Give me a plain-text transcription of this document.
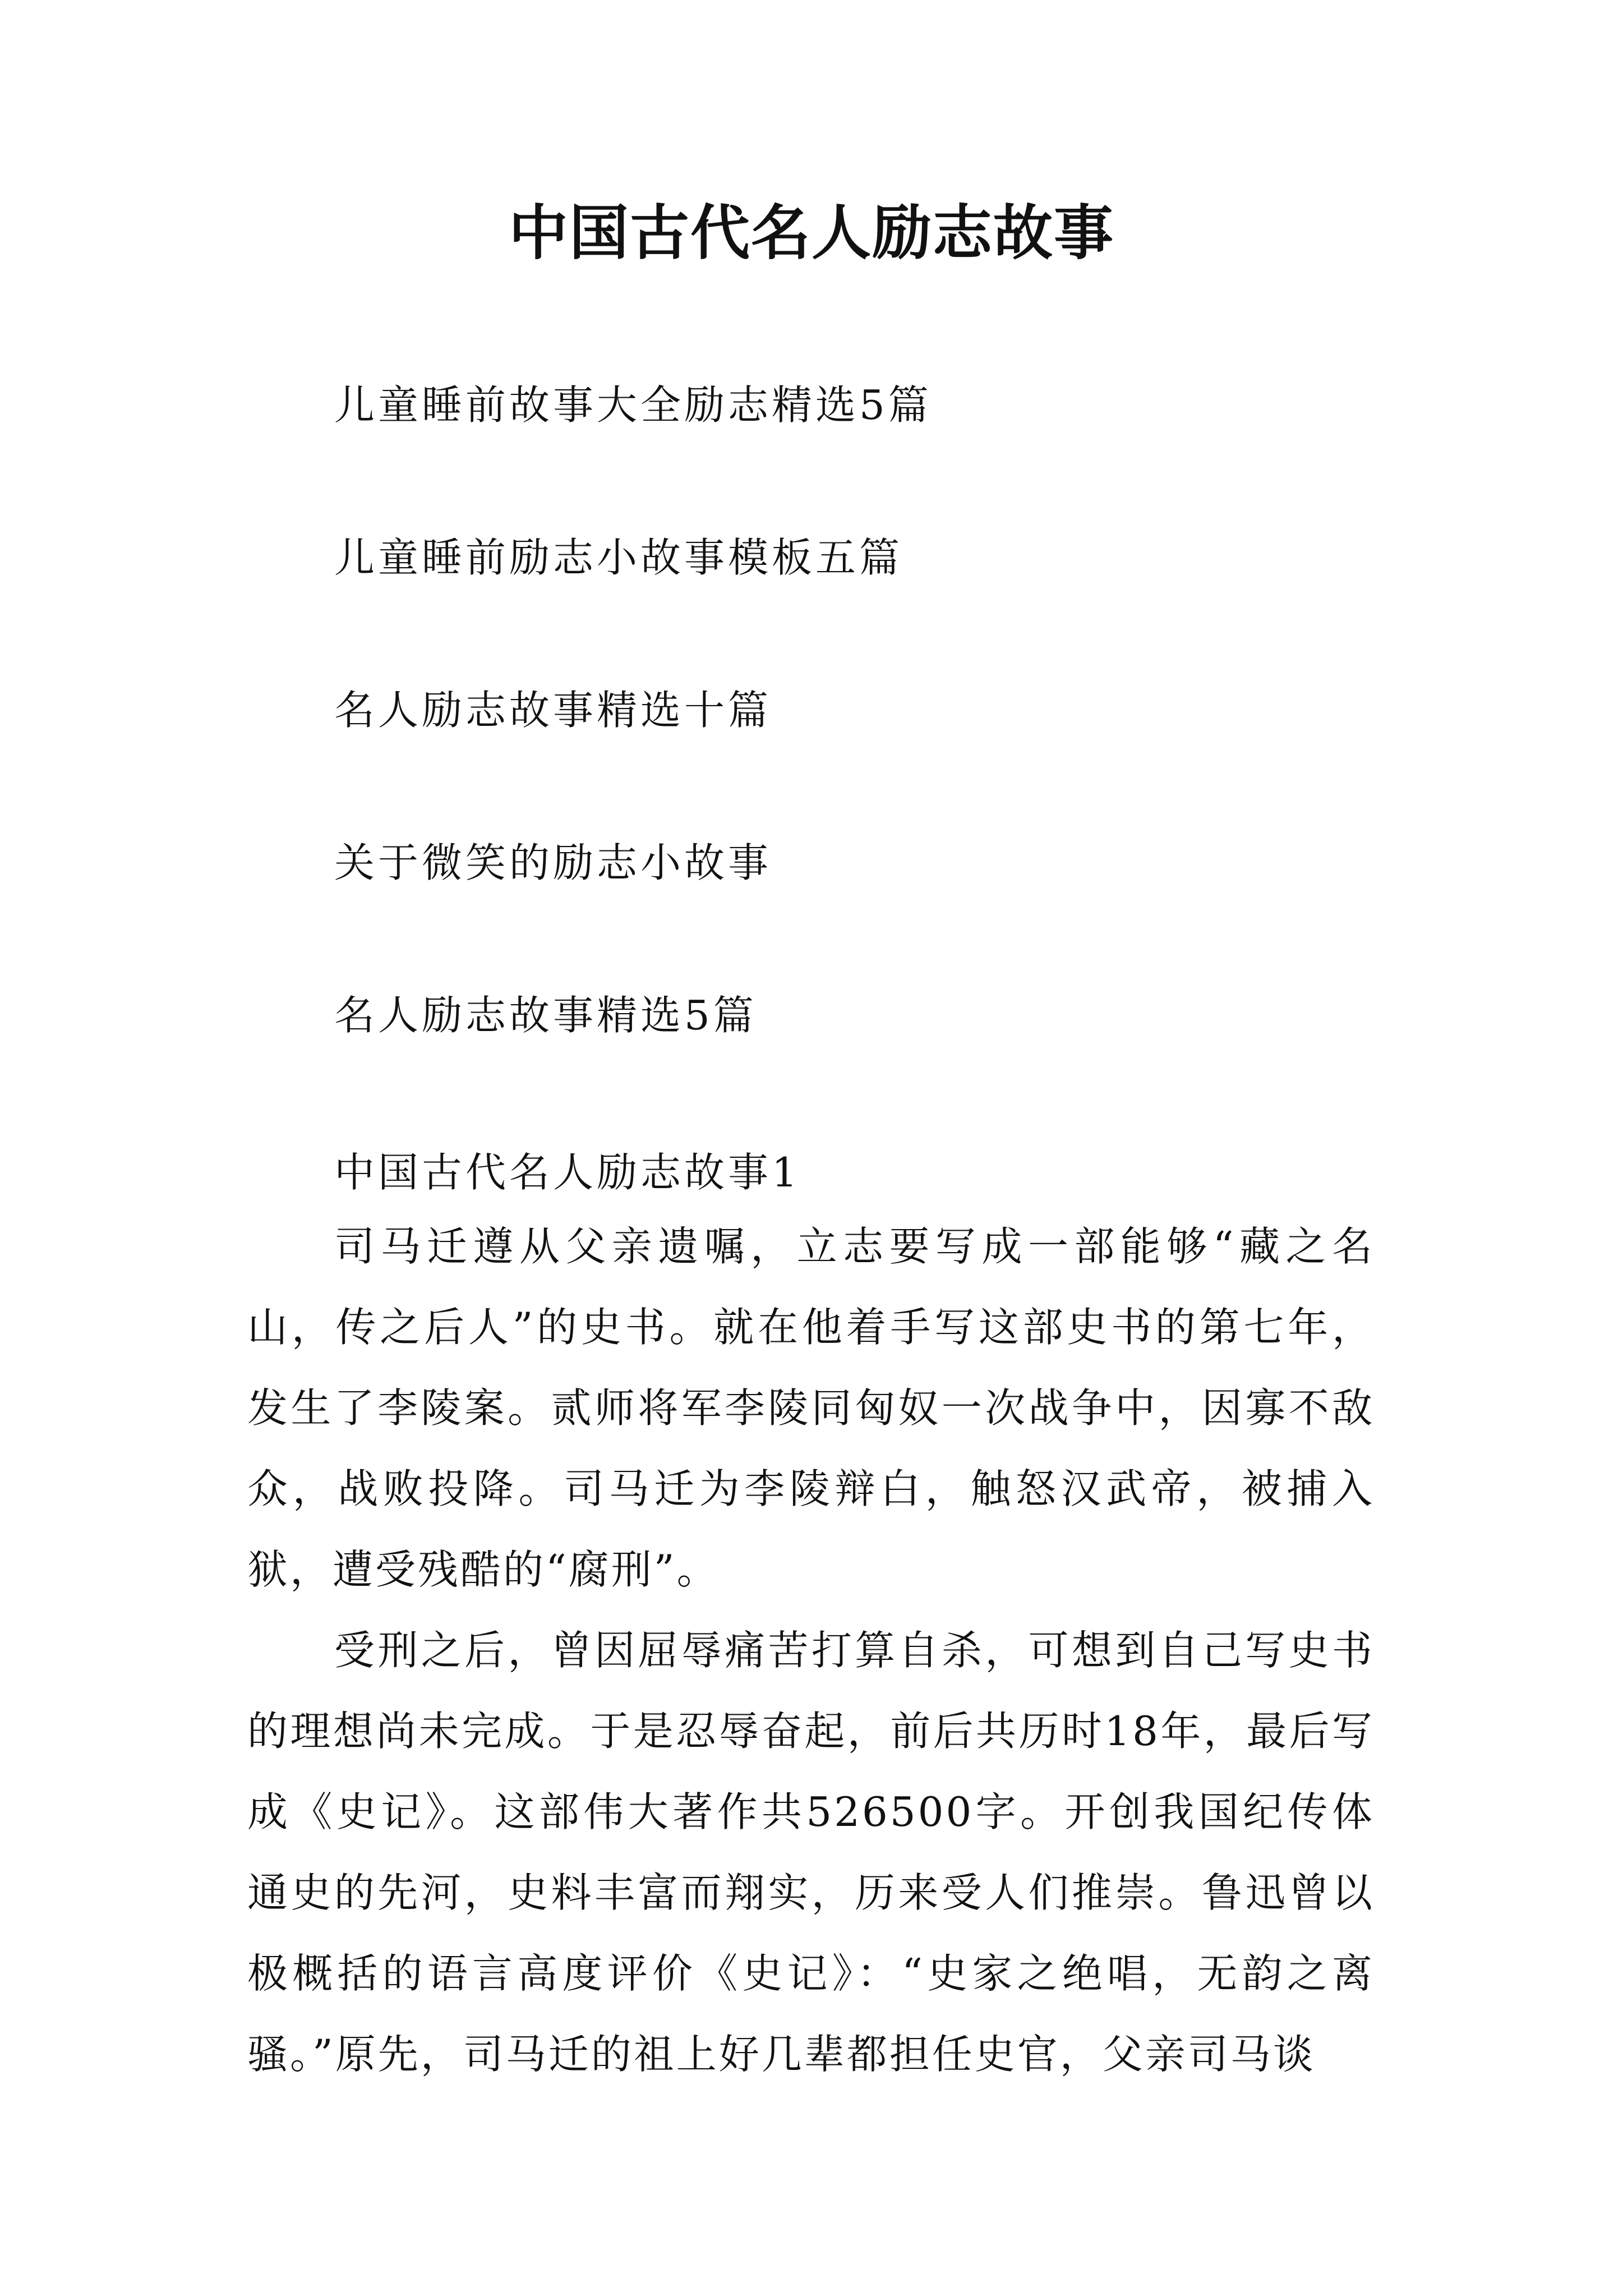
中国古代名人励志故事
儿童睡前故事大全励志精选5篇
儿童睡前励志小故事模板五篇
名人励志故事精选十篇
关于微笑的励志小故事
名人励志故事精选5篇

中国古代名人励志故事1

司马迁遵从父亲遗嘱，立志要写成一部能够“藏之名山，传之后人”的史书。就在他着手写这部史书的第七年，发生了李陵案。贰师将军李陵同匈奴一次战争中，因寡不敌众，战败投降。司马迁为李陵辩白，触怒汉武帝，被捕入狱，遭受残酷的“腐刑”。

受刑之后，曾因屈辱痛苦打算自杀，可想到自己写史书的理想尚未完成。于是忍辱奋起，前后共历时18年，最后写成《史记》。这部伟大著作共526500字。开创我国纪传体通史的先河，史料丰富而翔实，历来受人们推崇。鲁迅曾以极概括的语言高度评价《史记》：“史家之绝唱，无韵之离骚。”原先，司马迁的祖上好几辈都担任史官，父亲司马谈
